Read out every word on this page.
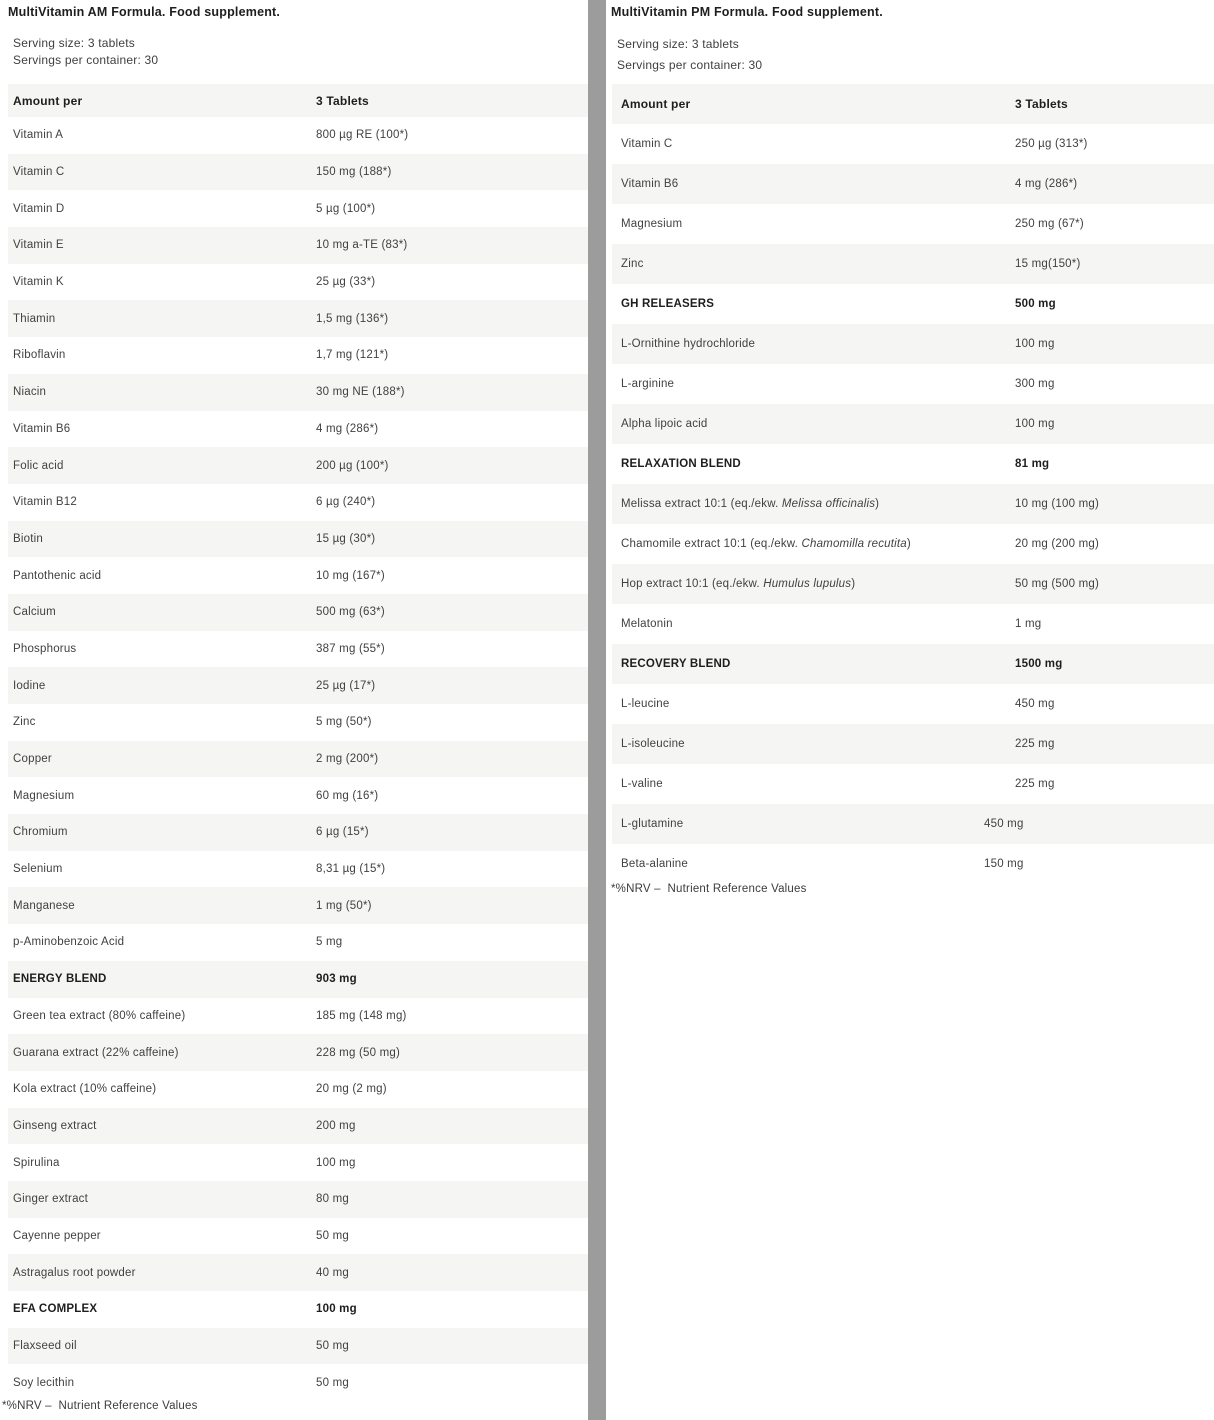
MultiVitamin AM Formula. Food supplement.

Serving size: 3 tablets

Servings per container: 30

Amount per	3 Tablets
Vitamin A	800 µg RE (100*)
Vitamin C	150 mg (188*)
Vitamin D	5 µg (100*)
Vitamin E	10 mg a-TE (83*)
Vitamin K	25 µg (33*)
Thiamin	1,5 mg (136*)
Riboflavin	1,7 mg (121*)
Niacin	30 mg NE (188*)
Vitamin B6	4 mg (286*)
Folic acid	200 µg (100*)
Vitamin B12	6 µg (240*)
Biotin	15 µg (30*)
Pantothenic acid	10 mg (167*)
Calcium	500 mg (63*)
Phosphorus	387 mg (55*)
Iodine	25 µg (17*)
Zinc	5 mg (50*)
Copper	2 mg (200*)
Magnesium	60 mg (16*)
Chromium	6 µg (15*)
Selenium	8,31 µg (15*)
Manganese	1 mg (50*)
p-Aminobenzoic Acid	5 mg
ENERGY BLEND	903 mg
Green tea extract (80% caffeine)	185 mg (148 mg)
Guarana extract (22% caffeine)	228 mg (50 mg)
Kola extract (10% caffeine)	20 mg (2 mg)
Ginseng extract	200 mg
Spirulina	100 mg
Ginger extract	80 mg
Cayenne pepper	50 mg
Astragalus root powder	40 mg
EFA COMPLEX	100 mg
Flaxseed oil	50 mg
Soy lecithin	50 mg

*%NRV –  Nutrient Reference Values

MultiVitamin PM Formula. Food supplement.

Serving size: 3 tablets

Servings per container: 30

Amount per	3 Tablets
Vitamin C	250 µg (313*)
Vitamin B6	4 mg (286*)
Magnesium	250 mg (67*)
Zinc	15 mg(150*)
GH RELEASERS	500 mg
L-Ornithine hydrochloride	100 mg
L-arginine	300 mg
Alpha lipoic acid	100 mg
RELAXATION BLEND	81 mg
Melissa extract 10:1 (eq./ekw. Melissa officinalis)	10 mg (100 mg)
Chamomile extract 10:1 (eq./ekw. Chamomilla recutita)	20 mg (200 mg)
Hop extract 10:1 (eq./ekw. Humulus lupulus)	50 mg (500 mg)
Melatonin	1 mg
RECOVERY BLEND	1500 mg
L-leucine	450 mg
L-isoleucine	225 mg
L-valine	225 mg
L-glutamine	450 mg
Beta-alanine	150 mg

*%NRV –  Nutrient Reference Values
